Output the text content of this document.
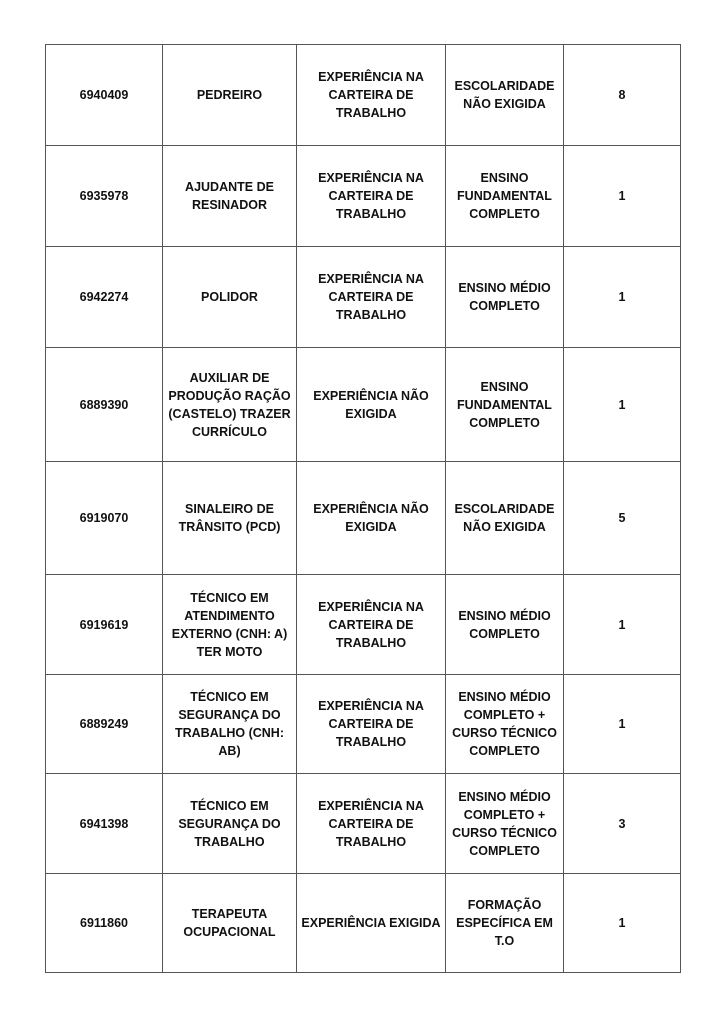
6940409	PEDREIRO	EXPERIÊNCIA NA CARTEIRA DE TRABALHO	ESCOLARIDADE NÃO EXIGIDA	8
6935978	AJUDANTE DE RESINADOR	EXPERIÊNCIA NA CARTEIRA DE TRABALHO	ENSINO FUNDAMENTAL COMPLETO	1
6942274	POLIDOR	EXPERIÊNCIA NA CARTEIRA DE TRABALHO	ENSINO MÉDIO COMPLETO	1
6889390	AUXILIAR DE PRODUÇÃO RAÇÃO (CASTELO) TRAZER CURRÍCULO	EXPERIÊNCIA NÃO EXIGIDA	ENSINO FUNDAMENTAL COMPLETO	1
6919070	SINALEIRO DE TRÂNSITO (PCD)	EXPERIÊNCIA NÃO EXIGIDA	ESCOLARIDADE NÃO EXIGIDA	5
6919619	TÉCNICO EM ATENDIMENTO EXTERNO (CNH: A) TER MOTO	EXPERIÊNCIA NA CARTEIRA DE TRABALHO	ENSINO MÉDIO COMPLETO	1
6889249	TÉCNICO EM SEGURANÇA DO TRABALHO (CNH: AB)	EXPERIÊNCIA NA CARTEIRA DE TRABALHO	ENSINO MÉDIO COMPLETO + CURSO TÉCNICO COMPLETO	1
6941398	TÉCNICO EM SEGURANÇA DO TRABALHO	EXPERIÊNCIA NA CARTEIRA DE TRABALHO	ENSINO MÉDIO COMPLETO + CURSO TÉCNICO COMPLETO	3
6911860	TERAPEUTA OCUPACIONAL	EXPERIÊNCIA EXIGIDA	FORMAÇÃO ESPECÍFICA EM T.O	1
